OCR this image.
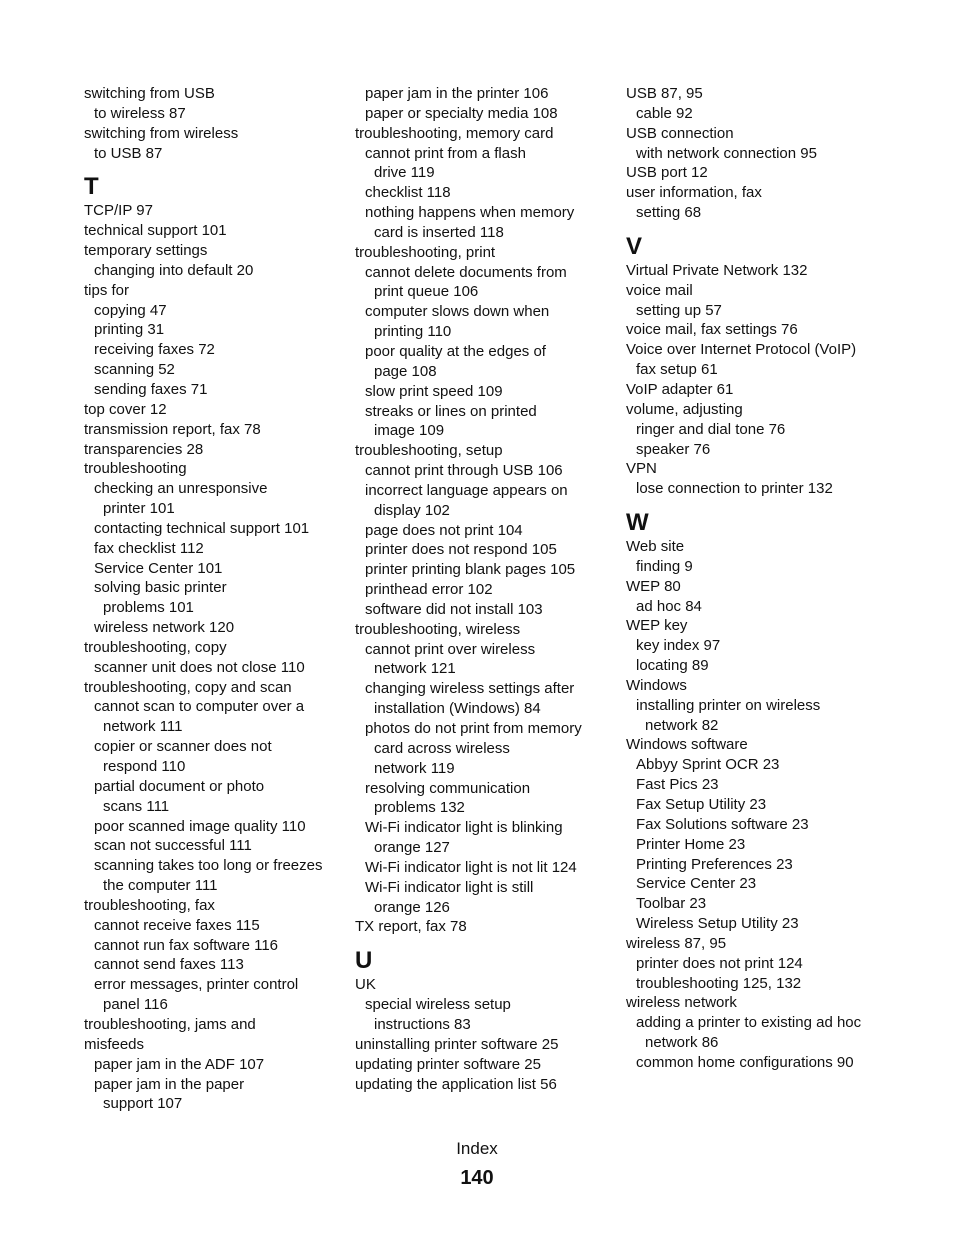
switching from USB
to wireless 87
switching from wireless
to USB 87
T
TCP/IP 97
technical support 101
temporary settings
changing into default 20
tips for
copying 47
printing 31
receiving faxes 72
scanning 52
sending faxes 71
top cover 12
transmission report, fax 78
transparencies 28
troubleshooting
checking an unresponsive
printer 101
contacting technical support 101
fax checklist 112
Service Center 101
solving basic printer
problems 101
wireless network 120
troubleshooting, copy
scanner unit does not close 110
troubleshooting, copy and scan
cannot scan to computer over a
network 111
copier or scanner does not
respond 110
partial document or photo
scans 111
poor scanned image quality 110
scan not successful 111
scanning takes too long or freezes
the computer 111
troubleshooting, fax
cannot receive faxes 115
cannot run fax software 116
cannot send faxes 113
error messages, printer control
panel 116
troubleshooting, jams and
misfeeds
paper jam in the ADF 107
paper jam in the paper
support 107
paper jam in the printer 106
paper or specialty media 108
troubleshooting, memory card
cannot print from a flash
drive 119
checklist 118
nothing happens when memory
card is inserted 118
troubleshooting, print
cannot delete documents from
print queue 106
computer slows down when
printing 110
poor quality at the edges of
page 108
slow print speed 109
streaks or lines on printed
image 109
troubleshooting, setup
cannot print through USB 106
incorrect language appears on
display 102
page does not print 104
printer does not respond 105
printer printing blank pages 105
printhead error 102
software did not install 103
troubleshooting, wireless
cannot print over wireless
network 121
changing wireless settings after
installation (Windows) 84
photos do not print from memory
card across wireless
network 119
resolving communication
problems 132
Wi-Fi indicator light is blinking
orange 127
Wi-Fi indicator light is not lit 124
Wi-Fi indicator light is still
orange 126
TX report, fax 78
U
UK
special wireless setup
instructions 83
uninstalling printer software 25
updating printer software 25
updating the application list 56
USB 87, 95
cable 92
USB connection
with network connection 95
USB port 12
user information, fax
setting 68
V
Virtual Private Network 132
voice mail
setting up 57
voice mail, fax settings 76
Voice over Internet Protocol (VoIP)
fax setup 61
VoIP adapter 61
volume, adjusting
ringer and dial tone 76
speaker 76
VPN
lose connection to printer 132
W
Web site
finding 9
WEP 80
ad hoc 84
WEP key
key index 97
locating 89
Windows
installing printer on wireless
network 82
Windows software
Abbyy Sprint OCR 23
Fast Pics 23
Fax Setup Utility 23
Fax Solutions software 23
Printer Home 23
Printing Preferences 23
Service Center 23
Toolbar 23
Wireless Setup Utility 23
wireless 87, 95
printer does not print 124
troubleshooting 125, 132
wireless network
adding a printer to existing ad hoc
network 86
common home configurations 90
Index
140
